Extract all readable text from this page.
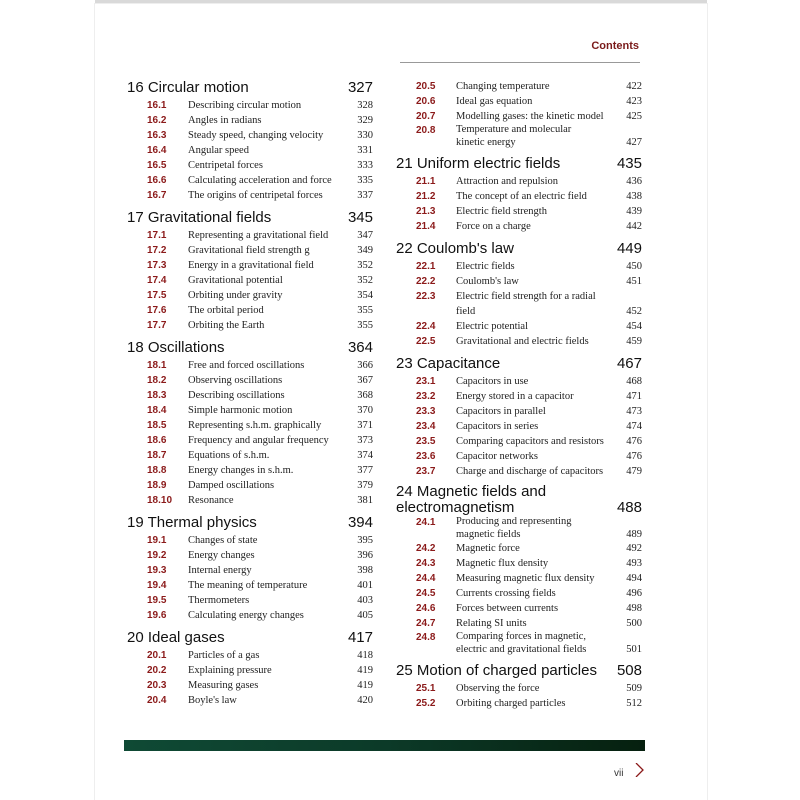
Contents
16 Circular motion	327
16.1	Describing circular motion	328
16.2	Angles in radians	329
16.3	Steady speed, changing velocity	330
16.4	Angular speed	331
16.5	Centripetal forces	333
16.6	Calculating acceleration and force	335
16.7	The origins of centripetal forces	337
17 Gravitational fields	345
17.1	Representing a gravitational field	347
17.2	Gravitational field strength g	349
17.3	Energy in a gravitational field	352
17.4	Gravitational potential	352
17.5	Orbiting under gravity	354
17.6	The orbital period	355
17.7	Orbiting the Earth	355
18 Oscillations	364
18.1	Free and forced oscillations	366
18.2	Observing oscillations	367
18.3	Describing oscillations	368
18.4	Simple harmonic motion	370
18.5	Representing s.h.m. graphically	371
18.6	Frequency and angular frequency	373
18.7	Equations of s.h.m.	374
18.8	Energy changes in s.h.m.	377
18.9	Damped oscillations	379
18.10	Resonance	381
19 Thermal physics	394
19.1	Changes of state	395
19.2	Energy changes	396
19.3	Internal energy	398
19.4	The meaning of temperature	401
19.5	Thermometers	403
19.6	Calculating energy changes	405
20 Ideal gases	417
20.1	Particles of a gas	418
20.2	Explaining pressure	419
20.3	Measuring gases	419
20.4	Boyle's law	420
20.5	Changing temperature	422
20.6	Ideal gas equation	423
20.7	Modelling gases: the kinetic model	425
20.8	Temperature and molecular
kinetic energy	427
21 Uniform electric fields	435
21.1	Attraction and repulsion	436
21.2	The concept of an electric field	438
21.3	Electric field strength	439
21.4	Force on a charge	442
22 Coulomb's law	449
22.1	Electric fields	450
22.2	Coulomb's law	451
22.3	Electric field strength for a radial field	452
22.4	Electric potential	454
22.5	Gravitational and electric fields	459
23 Capacitance	467
23.1	Capacitors in use	468
23.2	Energy stored in a capacitor	471
23.3	Capacitors in parallel	473
23.4	Capacitors in series	474
23.5	Comparing capacitors and resistors	476
23.6	Capacitor networks	476
23.7	Charge and discharge of capacitors	479
24 Magnetic fields and
electromagnetism	488
24.1	Producing and representing
magnetic fields	489
24.2	Magnetic force	492
24.3	Magnetic flux density	493
24.4	Measuring magnetic flux density	494
24.5	Currents crossing fields	496
24.6	Forces between currents	498
24.7	Relating SI units	500
24.8	Comparing forces in magnetic,
electric and gravitational fields	501
25 Motion of charged particles 508
25.1	Observing the force	509
25.2	Orbiting charged particles	512
vii
